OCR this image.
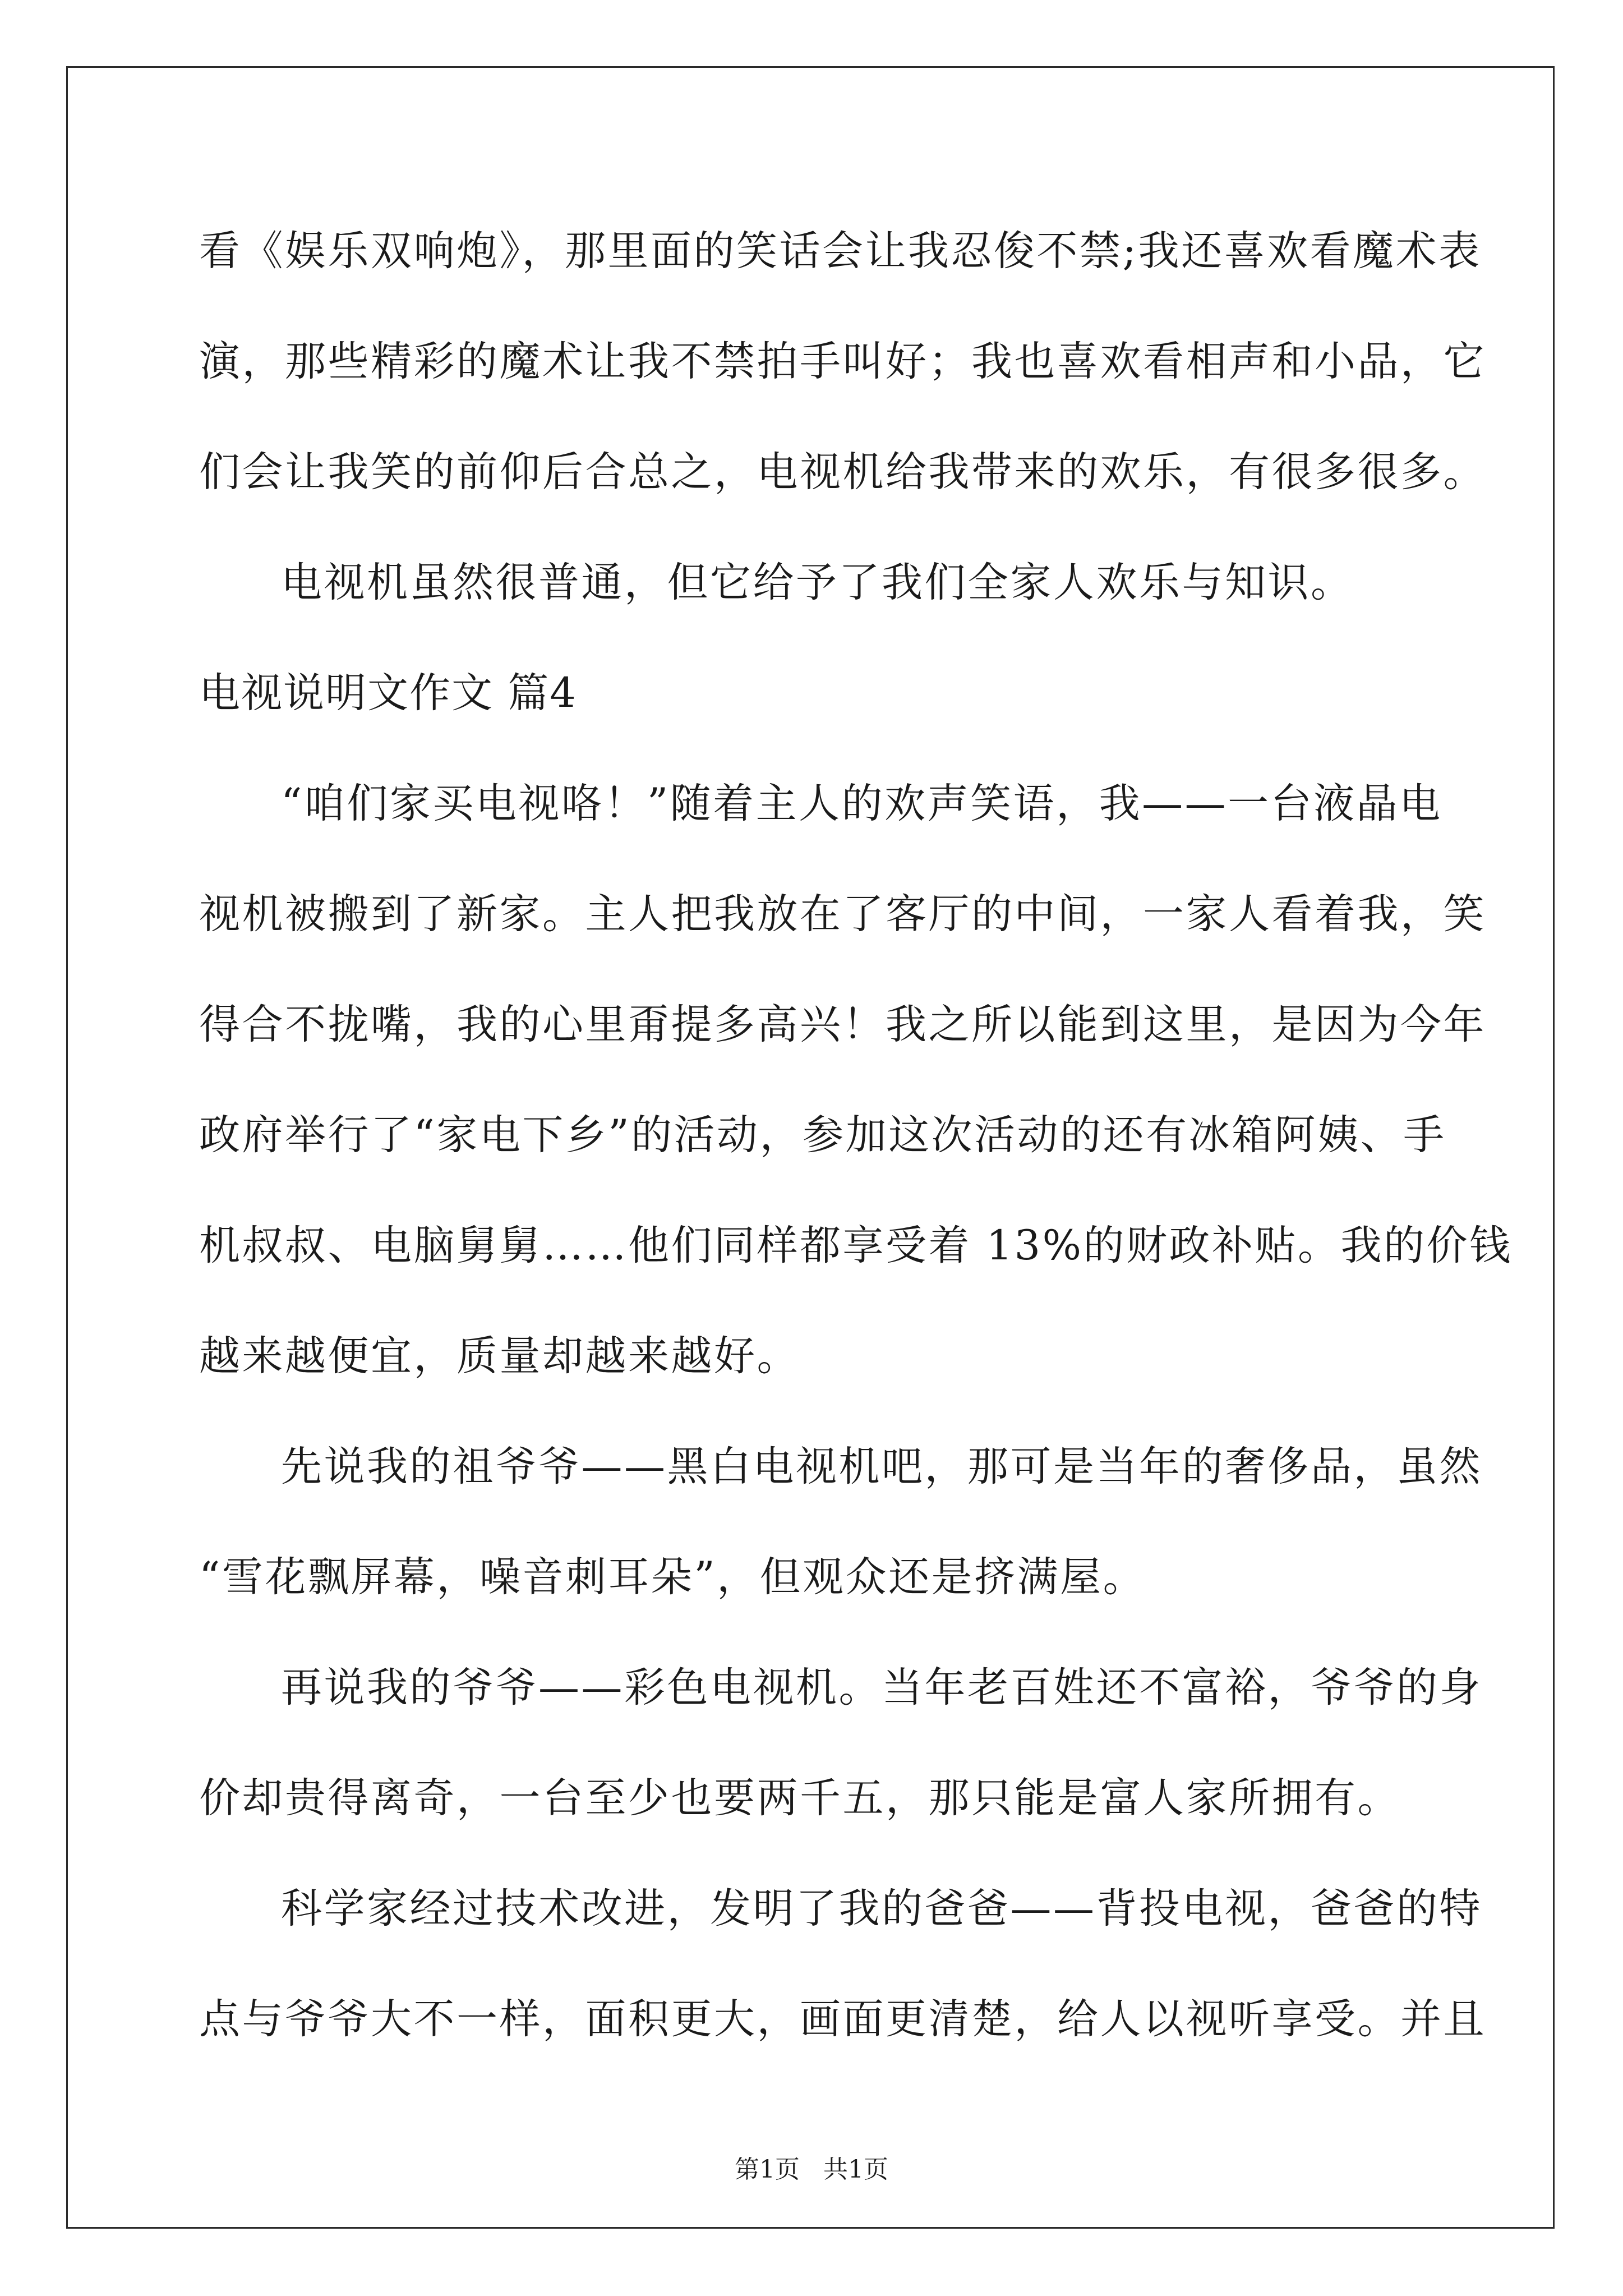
看《娱乐双响炮》，那里面的笑话会让我忍俊不禁;我还喜欢看魔术表
演，那些精彩的魔术让我不禁拍手叫好；我也喜欢看相声和小品，它
们会让我笑的前仰后合总之，电视机给我带来的欢乐，有很多很多。
电视机虽然很普通，但它给予了我们全家人欢乐与知识。
电视说明文作文 篇4
“咱们家买电视咯！”随着主人的欢声笑语，我——一台液晶电
视机被搬到了新家。主人把我放在了客厅的中间，一家人看着我，笑
得合不拢嘴，我的心里甭提多高兴！我之所以能到这里，是因为今年
政府举行了“家电下乡”的活动，参加这次活动的还有冰箱阿姨、手
机叔叔、电脑舅舅……他们同样都享受着 13%的财政补贴。我的价钱
越来越便宜，质量却越来越好。
先说我的祖爷爷——黑白电视机吧，那可是当年的奢侈品，虽然
“雪花飘屏幕，噪音刺耳朵”，但观众还是挤满屋。
再说我的爷爷——彩色电视机。当年老百姓还不富裕，爷爷的身
价却贵得离奇，一台至少也要两千五，那只能是富人家所拥有。
科学家经过技术改进，发明了我的爸爸——背投电视，爸爸的特
点与爷爷大不一样，面积更大，画面更清楚，给人以视听享受。并且
第1页   共1页
